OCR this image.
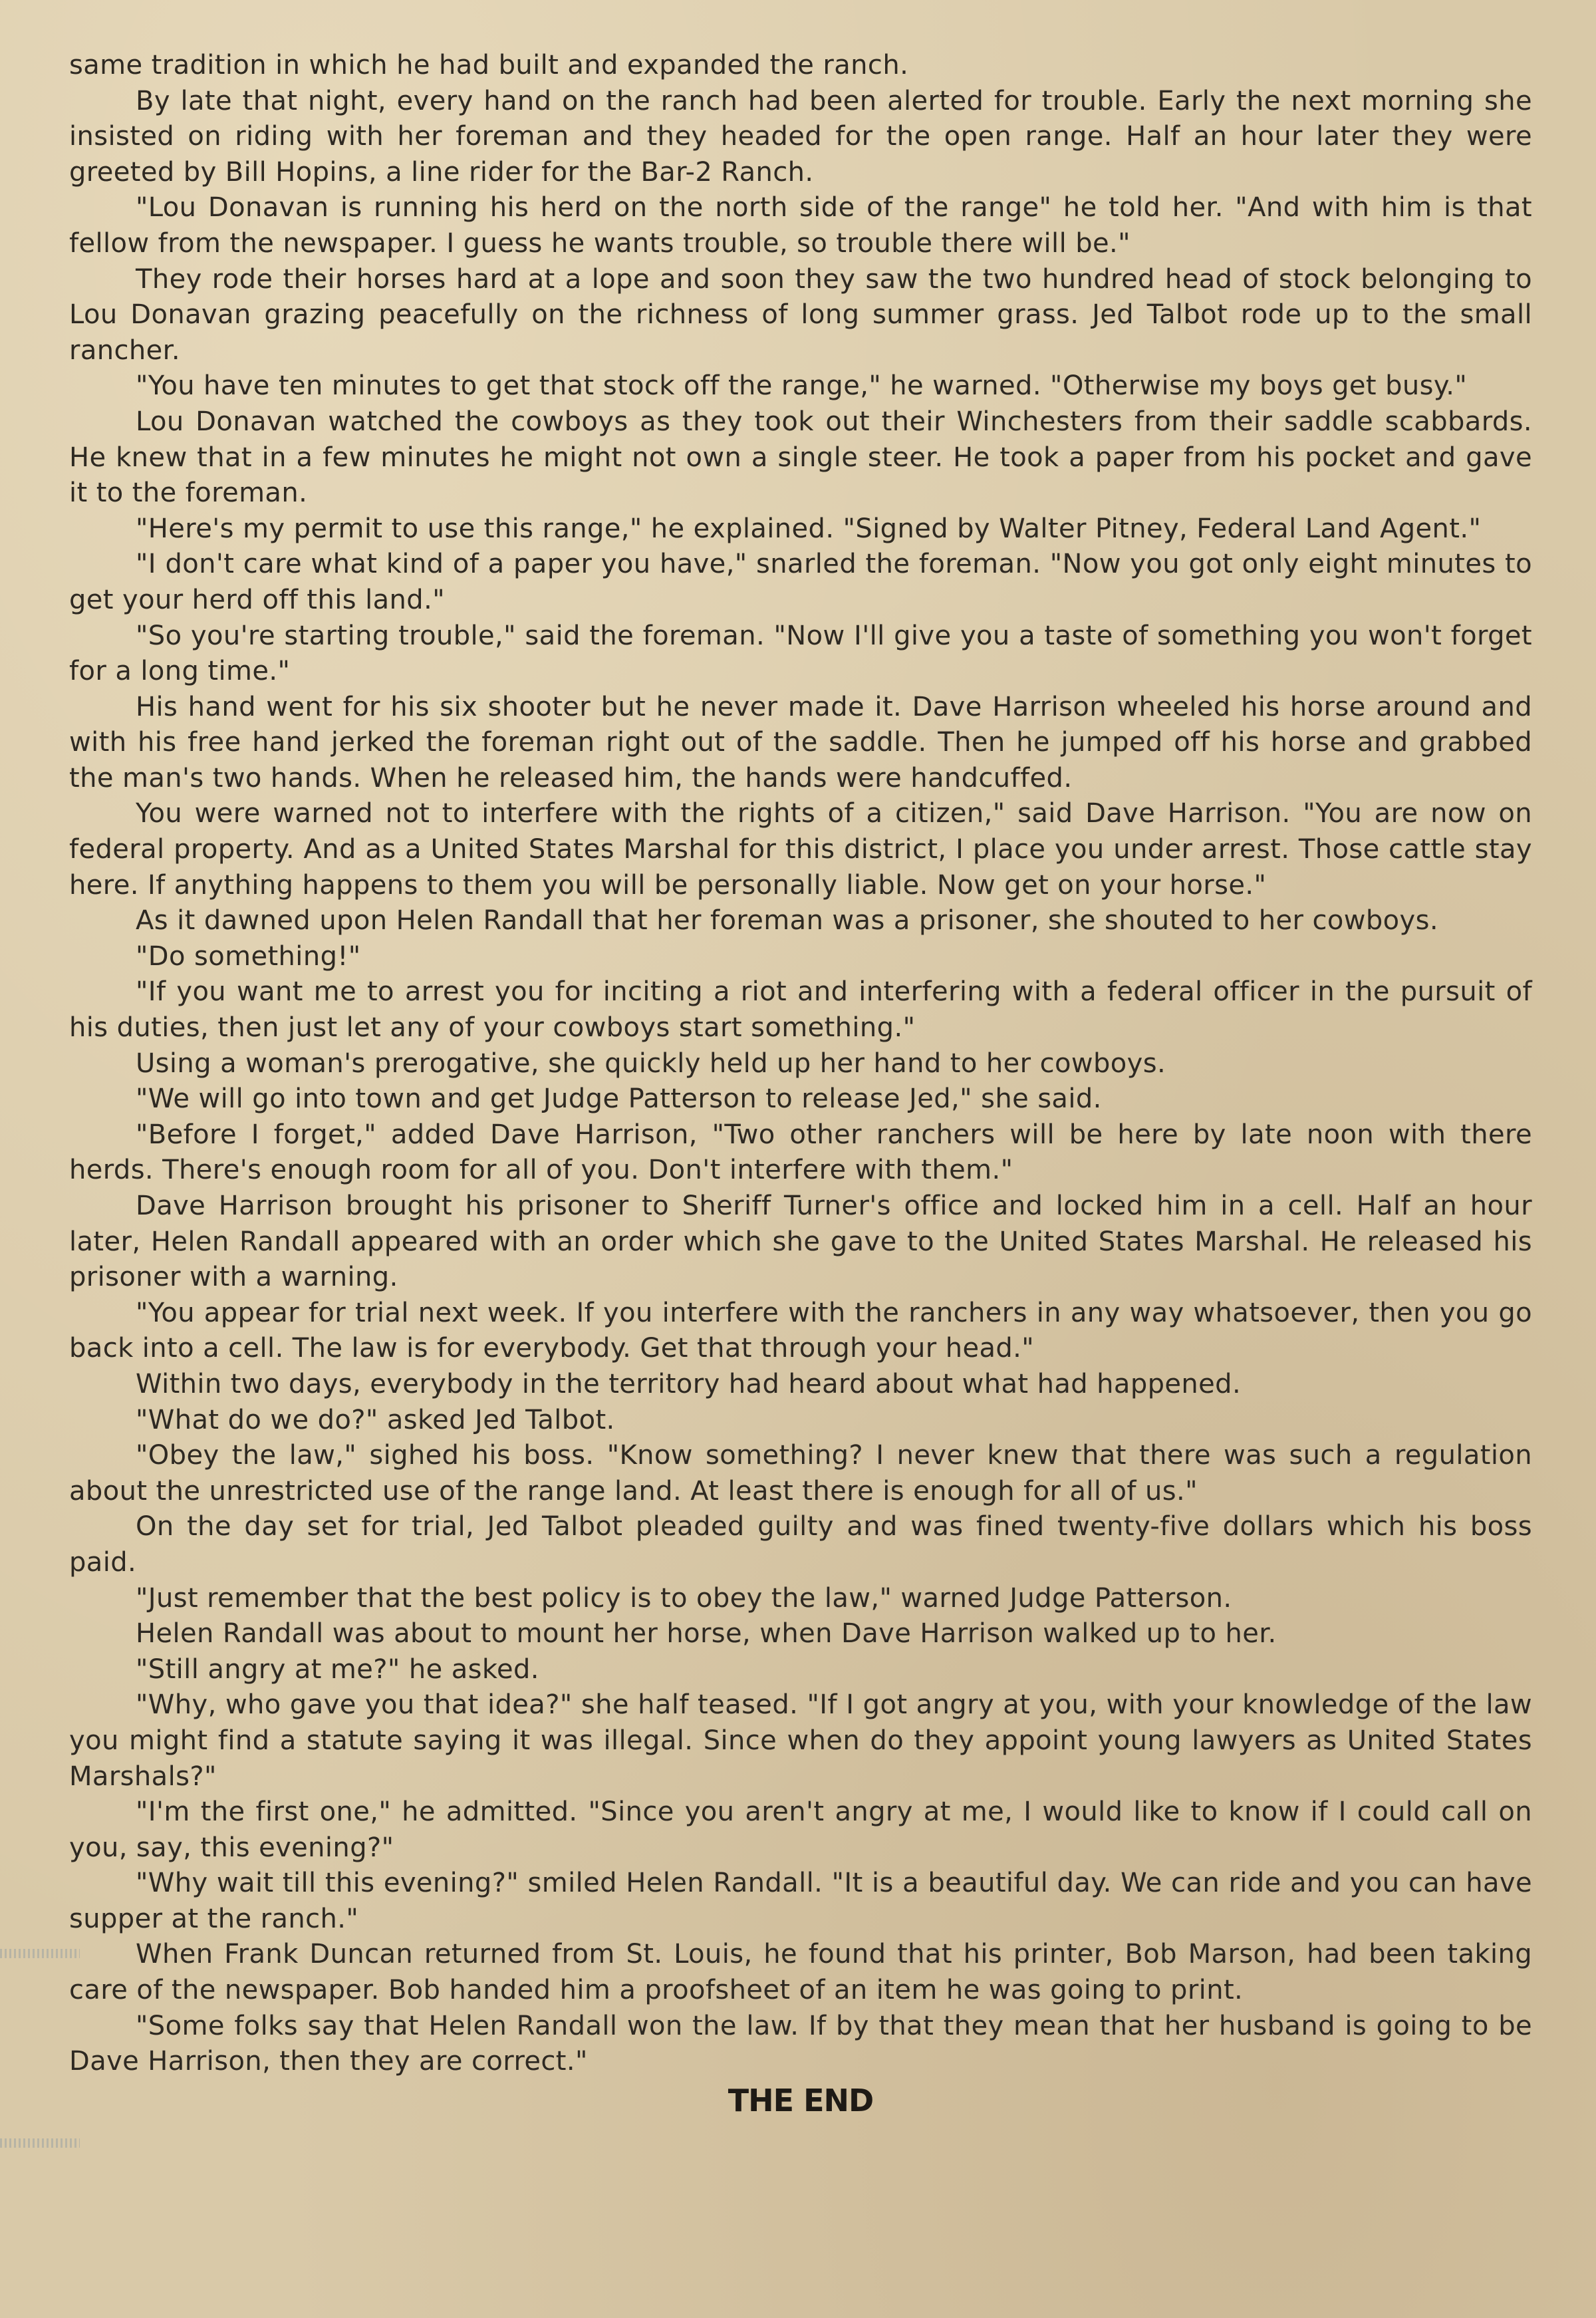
same tradition in which he had built and expanded the ranch.

By late that night, every hand on the ranch had been alerted for trouble. Early the next morning she insisted on riding with her foreman and they headed for the open range. Half an hour later they were greeted by Bill Hopins, a line rider for the Bar-2 Ranch.

"Lou Donavan is running his herd on the north side of the range" he told her. "And with him is that fellow from the newspaper. I guess he wants trouble, so trouble there will be."

They rode their horses hard at a lope and soon they saw the two hundred head of stock belonging to Lou Donavan grazing peacefully on the richness of long summer grass. Jed Talbot rode up to the small rancher.

"You have ten minutes to get that stock off the range," he warned. "Otherwise my boys get busy."

Lou Donavan watched the cowboys as they took out their Winchesters from their saddle scabbards. He knew that in a few minutes he might not own a single steer. He took a paper from his pocket and gave it to the foreman.

"Here's my permit to use this range," he explained. "Signed by Walter Pitney, Federal Land Agent."

"I don't care what kind of a paper you have," snarled the foreman. "Now you got only eight minutes to get your herd off this land."

"So you're starting trouble," said the foreman. "Now I'll give you a taste of something you won't forget for a long time."

His hand went for his six shooter but he never made it. Dave Harrison wheeled his horse around and with his free hand jerked the foreman right out of the saddle. Then he jumped off his horse and grabbed the man's two hands. When he released him, the hands were handcuffed.

You were warned not to interfere with the rights of a citizen," said Dave Harrison. "You are now on federal property. And as a United States Marshal for this district, I place you under arrest. Those cattle stay here. If anything happens to them you will be personally liable. Now get on your horse."

As it dawned upon Helen Randall that her foreman was a prisoner, she shouted to her cowboys.

"Do something!"

"If you want me to arrest you for inciting a riot and interfering with a federal officer in the pursuit of his duties, then just let any of your cowboys start something."

Using a woman's prerogative, she quickly held up her hand to her cowboys.

"We will go into town and get Judge Patterson to release Jed," she said.

"Before I forget," added Dave Harrison, "Two other ranchers will be here by late noon with there herds. There's enough room for all of you. Don't interfere with them."

Dave Harrison brought his prisoner to Sheriff Turner's office and locked him in a cell. Half an hour later, Helen Randall appeared with an order which she gave to the United States Marshal. He released his prisoner with a warning.

"You appear for trial next week. If you interfere with the ranchers in any way whatsoever, then you go back into a cell. The law is for everybody. Get that through your head."

Within two days, everybody in the territory had heard about what had happened.

"What do we do?" asked Jed Talbot.

"Obey the law," sighed his boss. "Know something? I never knew that there was such a regulation about the unrestricted use of the range land. At least there is enough for all of us."

On the day set for trial, Jed Talbot pleaded guilty and was fined twenty-five dollars which his boss paid.

"Just remember that the best policy is to obey the law," warned Judge Patterson.

Helen Randall was about to mount her horse, when Dave Harrison walked up to her.

"Still angry at me?" he asked.

"Why, who gave you that idea?" she half teased. "If I got angry at you, with your knowledge of the law you might find a statute saying it was illegal. Since when do they appoint young lawyers as United States Marshals?"

"I'm the first one," he admitted. "Since you aren't angry at me, I would like to know if I could call on you, say, this evening?"

"Why wait till this evening?" smiled Helen Randall. "It is a beautiful day. We can ride and you can have supper at the ranch."

When Frank Duncan returned from St. Louis, he found that his printer, Bob Marson, had been taking care of the newspaper. Bob handed him a proofsheet of an item he was going to print.

"Some folks say that Helen Randall won the law. If by that they mean that her husband is going to be Dave Harrison, then they are correct."

THE END
